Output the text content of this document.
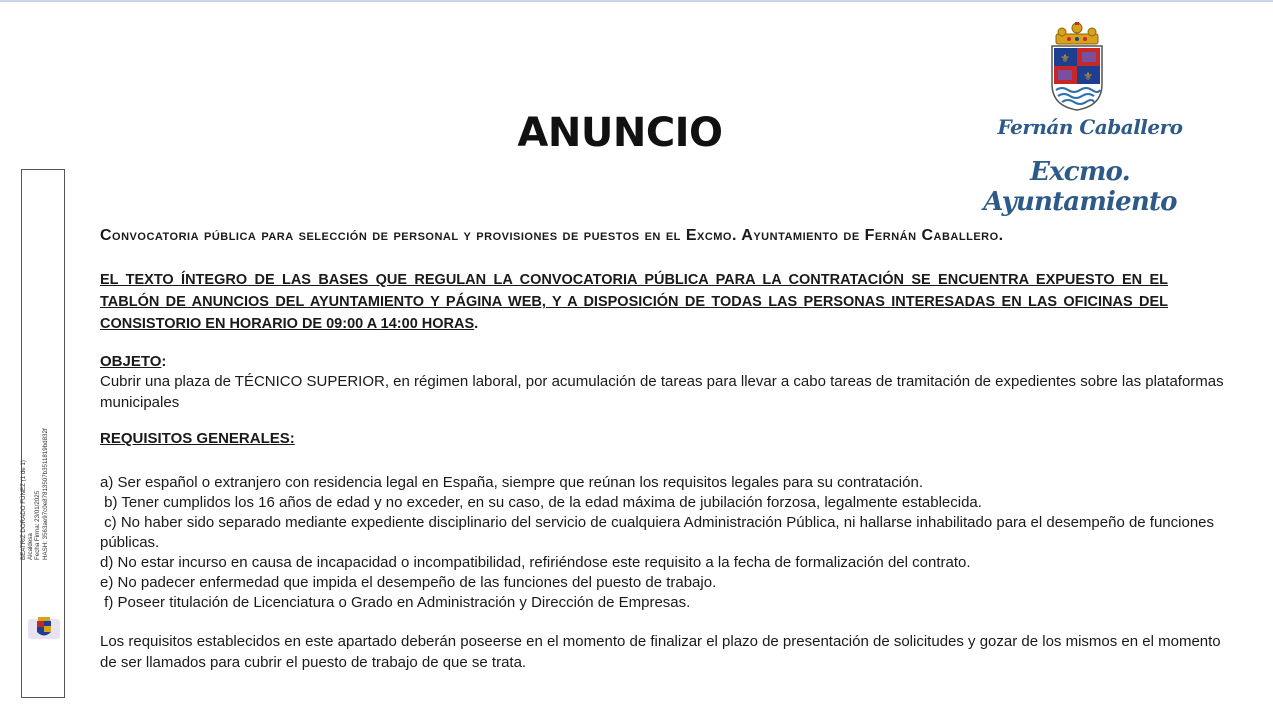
BEATRIZ DORADO FÚNEZ (1 de 1) Alcaldesa Fecha Firma: 23/01/2025 HASH: 3563ae97c0e87813507b3511819bd832f
ANUNCIO
⚜
⚜
Fernán Caballero
Excmo. Ayuntamiento
Convocatoria pública para selección de personal y provisiones de puestos en el Excmo. Ayuntamiento de Fernán Caballero.
EL TEXTO ÍNTEGRO DE LAS BASES QUE REGULAN LA CONVOCATORIA PÚBLICA PARA LA CONTRATACIÓN SE ENCUENTRA EXPUESTO EN EL TABLÓN DE ANUNCIOS DEL AYUNTAMIENTO Y PÁGINA WEB, Y A DISPOSICIÓN DE TODAS LAS PERSONAS INTERESADAS EN LAS OFICINAS DEL CONSISTORIO EN HORARIO DE 09:00 A 14:00 HORAS.
OBJETO:
Cubrir una plaza de TÉCNICO SUPERIOR, en régimen laboral, por acumulación de tareas para llevar a cabo tareas de tramitación de expedientes sobre las plataformas municipales
REQUISITOS GENERALES:
a) Ser español o extranjero con residencia legal en España, siempre que reúnan los requisitos legales para su contratación.
b) Tener cumplidos los 16 años de edad y no exceder, en su caso, de la edad máxima de jubilación forzosa, legalmente establecida.
c) No haber sido separado mediante expediente disciplinario del servicio de cualquiera Administración Pública, ni hallarse inhabilitado para el desempeño de funciones públicas.
d) No estar incurso en causa de incapacidad o incompatibilidad, refiriéndose este requisito a la fecha de formalización del contrato.
e) No padecer enfermedad que impida el desempeño de las funciones del puesto de trabajo.
f) Poseer titulación de Licenciatura o Grado en Administración y Dirección de Empresas.
Los requisitos establecidos en este apartado deberán poseerse en el momento de finalizar el plazo de presentación de solicitudes y gozar de los mismos en el momento de ser llamados para cubrir el puesto de trabajo de que se trata.
